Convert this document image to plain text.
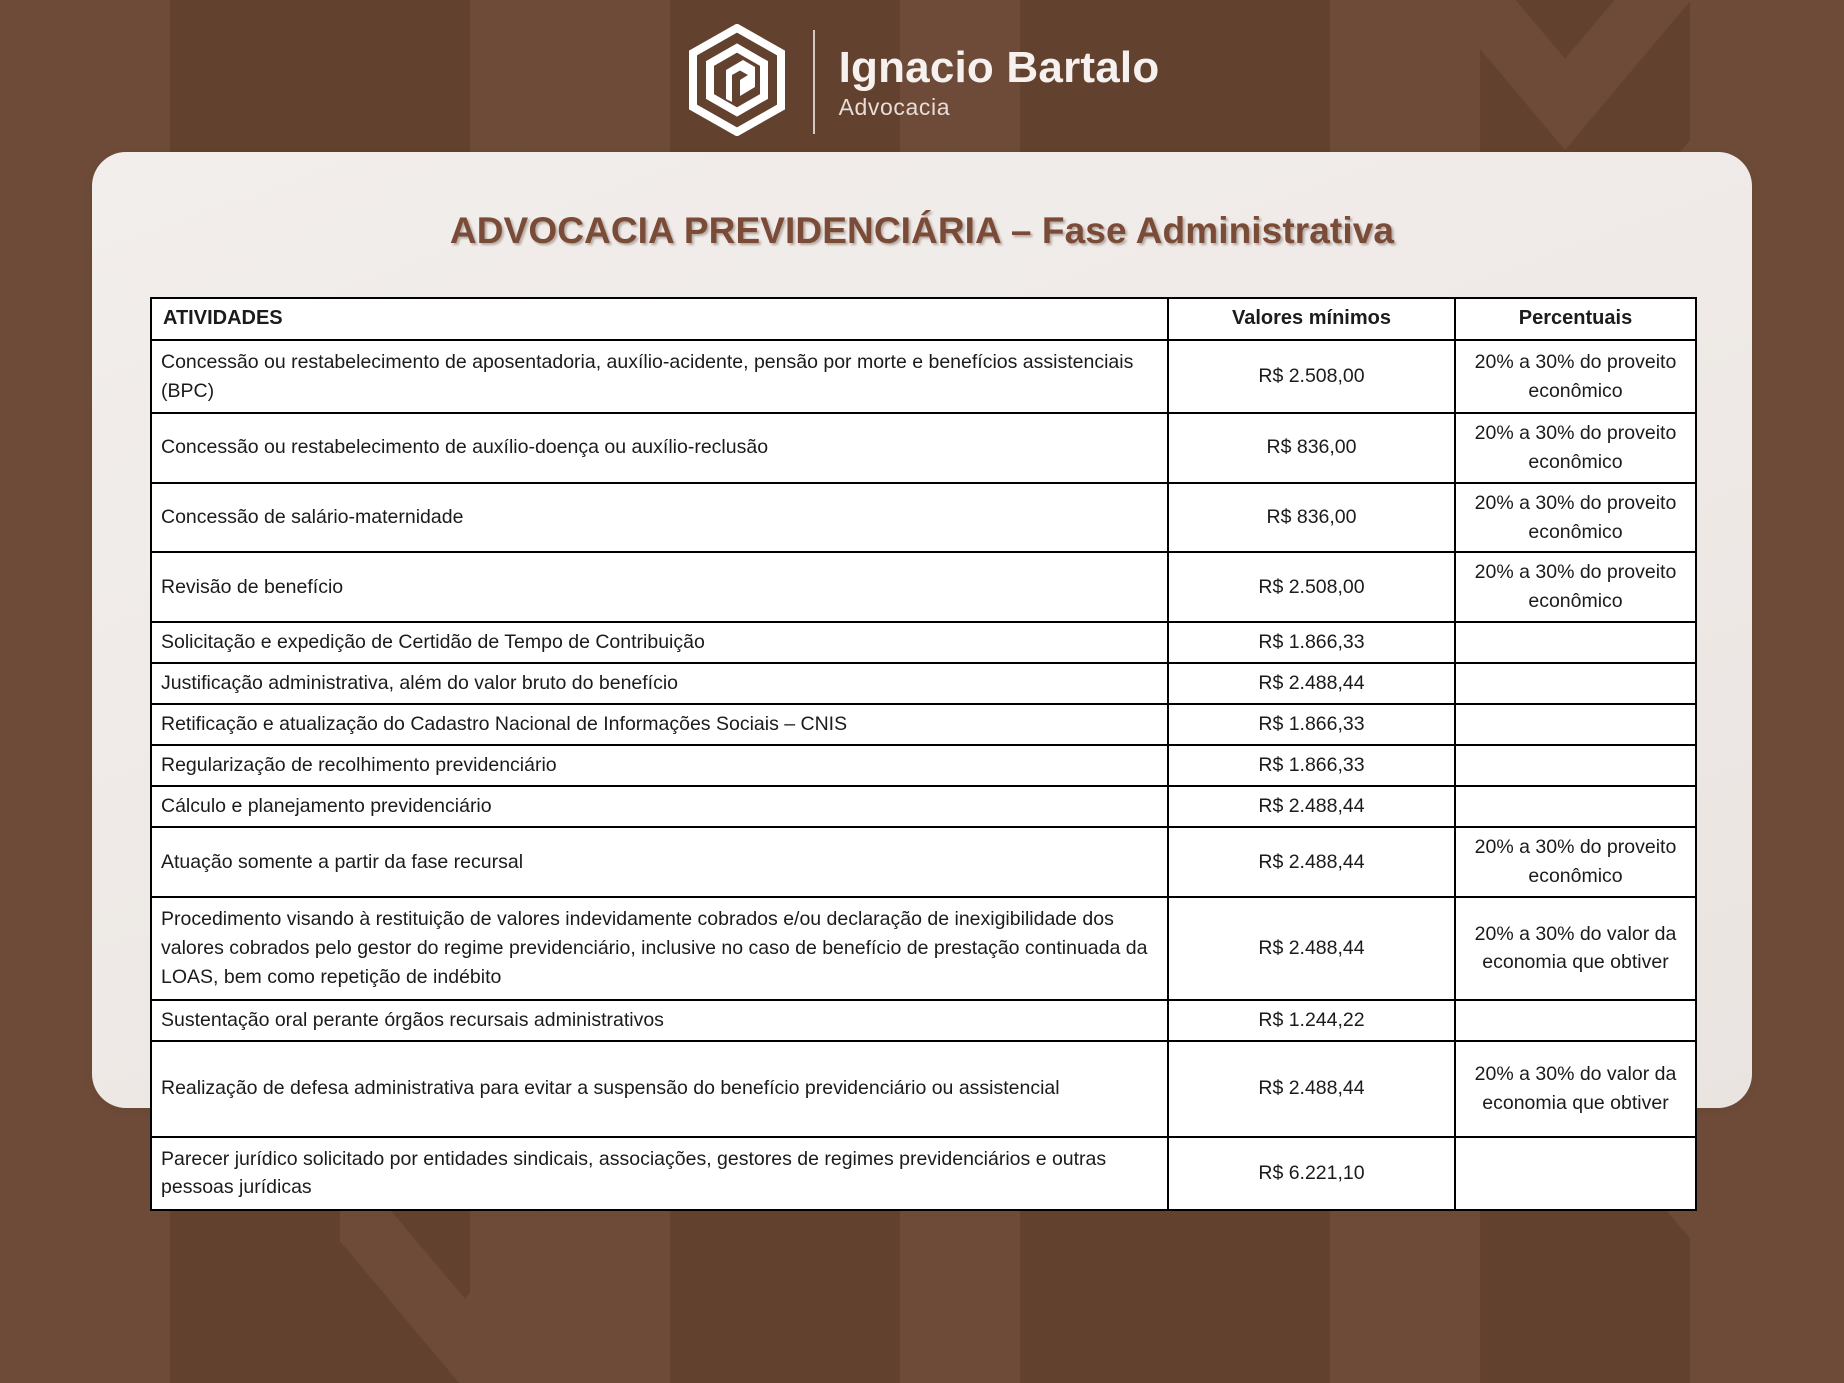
Ignacio Bartalo
Advocacia
ADVOCACIA PREVIDENCIÁRIA – Fase Administrativa
ATIVIDADES	Valores mínimos	Percentuais
Concessão ou restabelecimento de aposentadoria, auxílio-acidente, pensão por morte e benefícios assistenciais (BPC)	R$ 2.508,00	20% a 30% do proveito econômico
Concessão ou restabelecimento de auxílio-doença ou auxílio-reclusão	R$ 836,00	20% a 30% do proveito econômico
Concessão de salário-maternidade	R$ 836,00	20% a 30% do proveito econômico
Revisão de benefício	R$ 2.508,00	20% a 30% do proveito econômico
Solicitação e expedição de Certidão de Tempo de Contribuição	R$ 1.866,33	
Justificação administrativa, além do valor bruto do benefício	R$ 2.488,44	
Retificação e atualização do Cadastro Nacional de Informações Sociais – CNIS	R$ 1.866,33	
Regularização de recolhimento previdenciário	R$ 1.866,33	
Cálculo e planejamento previdenciário	R$ 2.488,44	
Atuação somente a partir da fase recursal	R$ 2.488,44	20% a 30% do proveito econômico
Procedimento visando à restituição de valores indevidamente cobrados e/ou declaração de inexigibilidade dos valores cobrados pelo gestor do regime previdenciário, inclusive no caso de benefício de prestação continuada da LOAS, bem como repetição de indébito	R$ 2.488,44	20% a 30% do valor da economia que obtiver
Sustentação oral perante órgãos recursais administrativos	R$ 1.244,22	
Realização de defesa administrativa para evitar a suspensão do benefício previdenciário ou assistencial	R$ 2.488,44	20% a 30% do valor da economia que obtiver
Parecer jurídico solicitado por entidades sindicais, associações, gestores de regimes previdenciários e outras pessoas jurídicas	R$ 6.221,10	
